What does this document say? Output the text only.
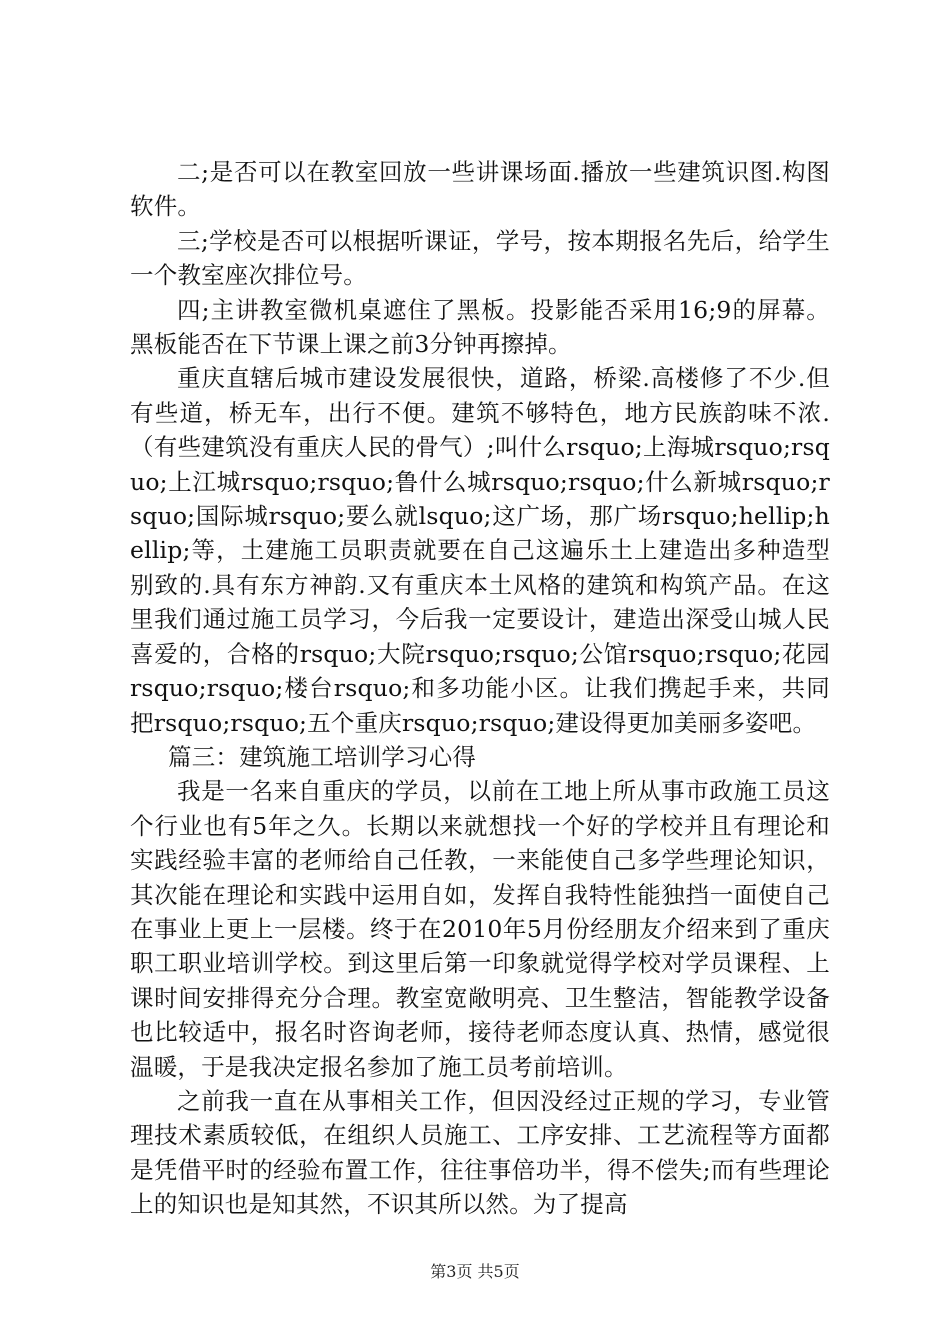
二;是否可以在教室回放一些讲课场面.播放一些建筑识图.构图软件。

三;学校是否可以根据听课证，学号，按本期报名先后，给学生一个教室座次排位号。

四;主讲教室微机桌遮住了黑板。投影能否采用16;9的屏幕。黑板能否在下节课上课之前3分钟再擦掉。

重庆直辖后城市建设发展很快，道路，桥梁.高楼修了不少.但有些道，桥无车，出行不便。建筑不够特色，地方民族韵味不浓.（有些建筑没有重庆人民的骨气）;叫什么rsquo;上海城rsquo;rsquo;上江城rsquo;rsquo;鲁什么城rsquo;rsquo;什么新城rsquo;rsquo;国际城rsquo;要么就lsquo;这广场，那广场rsquo;hellip;hellip;等，土建施工员职责就要在自己这遍乐土上建造出多种造型别致的.具有东方神韵.又有重庆本土风格的建筑和构筑产品。在这里我们通过施工员学习，今后我一定要设计，建造出深受山城人民喜爱的，合格的rsquo;大院rsquo;rsquo;公馆rsquo;rsquo;花园rsquo;rsquo;楼台rsquo;和多功能小区。让我们携起手来，共同把rsquo;rsquo;五个重庆rsquo;rsquo;建设得更加美丽多姿吧。

篇三：建筑施工培训学习心得

我是一名来自重庆的学员，以前在工地上所从事市政施工员这个行业也有5年之久。长期以来就想找一个好的学校并且有理论和实践经验丰富的老师给自己任教，一来能使自己多学些理论知识，其次能在理论和实践中运用自如，发挥自我特性能独挡一面使自己在事业上更上一层楼。终于在2010年5月份经朋友介绍来到了重庆职工职业培训学校。到这里后第一印象就觉得学校对学员课程、上课时间安排得充分合理。教室宽敞明亮、卫生整洁，智能教学设备也比较适中，报名时咨询老师，接待老师态度认真、热情，感觉很温暖，于是我决定报名参加了施工员考前培训。

之前我一直在从事相关工作，但因没经过正规的学习，专业管理技术素质较低，在组织人员施工、工序安排、工艺流程等方面都是凭借平时的经验布置工作，往往事倍功半，得不偿失;而有些理论上的知识也是知其然，不识其所以然。为了提高

第3页 共5页
